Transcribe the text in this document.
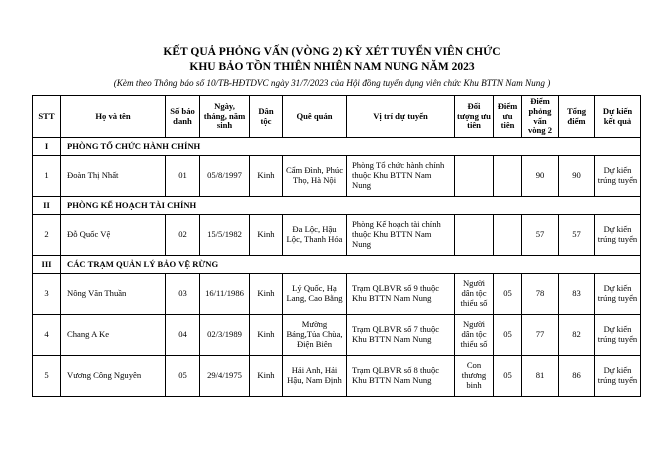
KẾT QUẢ PHỎNG VẤN (VÒNG 2) KỲ XÉT TUYỂN VIÊN CHỨC
KHU BẢO TỒN THIÊN NHIÊN NAM NUNG NĂM 2023
(Kèm theo Thông báo số 10/TB-HĐTDVC ngày 31/7/2023 của Hội đồng tuyển dụng viên chức Khu BTTN Nam Nung )
STT	Họ và tên	Số báo danh	Ngày, tháng, năm sinh	Dân tộc	Quê quán	Vị trí dự tuyển	Đối tượng ưu tiên	Điểm ưu tiên	Điểm phỏng vấn vòng 2	Tổng điểm	Dự kiến kết quả
I	PHÒNG TỔ CHỨC HÀNH CHÍNH										
1	Đoàn Thị Nhất	01	05/8/1997	Kinh	Cẩm Đình, Phúc Thọ, Hà Nội	Phòng Tổ chức hành chính thuộc Khu BTTN Nam Nung			90	90	Dự kiến trúng tuyển
II	PHÒNG KẾ HOẠCH TÀI CHÍNH										
2	Đỗ Quốc Vệ	02	15/5/1982	Kinh	Đa Lộc, Hậu Lộc, Thanh Hóa	Phòng Kế hoạch tài chính thuộc Khu BTTN Nam Nung			57	57	Dự kiến trúng tuyển
III	CÁC TRẠM QUẢN LÝ BẢO VỆ RỪNG										
3	Nông Văn Thuần	03	16/11/1986	Kinh	Lý Quốc, Hạ Lang, Cao Bằng	Trạm QLBVR số 9 thuộc Khu BTTN Nam Nung	Người dân tộc thiểu số	05	78	83	Dự kiến trúng tuyển
4	Chang A Ke	04	02/3/1989	Kinh	Mường Báng,Tủa Chùa, Điện Biên	Trạm QLBVR số 7 thuộc Khu BTTN Nam Nung	Người dân tộc thiểu số	05	77	82	Dự kiến trúng tuyển
5	Vương Công Nguyên	05	29/4/1975	Kinh	Hải Anh, Hải Hậu, Nam Định	Trạm QLBVR số 8 thuộc Khu BTTN Nam Nung	Con thương binh	05	81	86	Dự kiến trúng tuyển
